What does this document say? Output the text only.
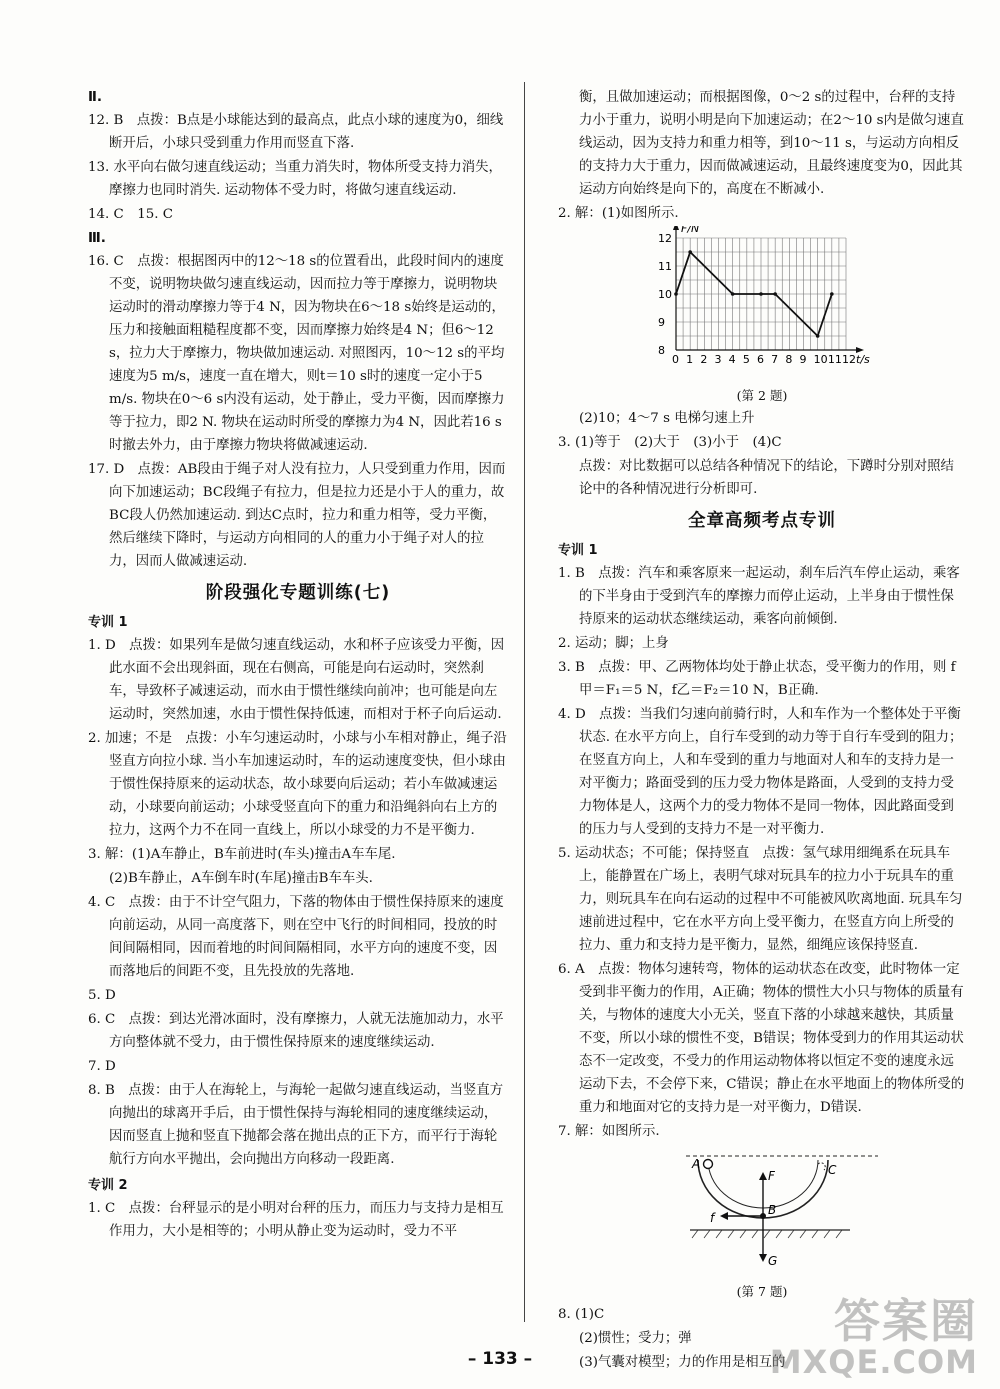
Ⅱ.

12. B　点拨：B点是小球能达到的最高点，此点小球的速度为0，细线断开后，小球只受到重力作用而竖直下落.

13. 水平向右做匀速直线运动；当重力消失时，物体所受支持力消失，摩擦力也同时消失. 运动物体不受力时，将做匀速直线运动.

14. C　15. C

Ⅲ.

16. C　点拨：根据图丙中的12～18 s的位置看出，此段时间内的速度不变，说明物块做匀速直线运动，因而拉力等于摩擦力，说明物块运动时的滑动摩擦力等于4 N，因为物块在6～18 s始终是运动的，压力和接触面粗糙程度都不变，因而摩擦力始终是4 N；但6～12 s，拉力大于摩擦力，物块做加速运动. 对照图丙，10～12 s的平均速度为5 m/s，速度一直在增大，则t＝10 s时的速度一定小于5 m/s. 物块在0～6 s内没有运动，处于静止，受力平衡，因而摩擦力等于拉力，即2 N. 物块在运动时所受的摩擦力为4 N，因此若16 s时撤去外力，由于摩擦力物块将做减速运动.

17. D　点拨：AB段由于绳子对人没有拉力，人只受到重力作用，因而向下加速运动；BC段绳子有拉力，但是拉力还是小于人的重力，故BC段人仍然加速运动. 到达C点时，拉力和重力相等，受力平衡，然后继续下降时，与运动方向相同的人的重力小于绳子对人的拉力，因而人做减速运动.

阶段强化专题训练(七)
专训 1

1. D　点拨：如果列车是做匀速直线运动，水和杯子应该受力平衡，因此水面不会出现斜面，现在右侧高，可能是向右运动时，突然刹车，导致杯子减速运动，而水由于惯性继续向前冲；也可能是向左运动时，突然加速，水由于惯性保持低速，而相对于杯子向后运动.

2. 加速；不是　点拨：小车匀速运动时，小球与小车相对静止，绳子沿竖直方向拉小球. 当小车加速运动时，车的运动速度变快，但小球由于惯性保持原来的运动状态，故小球要向后运动；若小车做减速运动，小球要向前运动；小球受竖直向下的重力和沿绳斜向右上方的拉力，这两个力不在同一直线上，所以小球受的力不是平衡力.

3. 解：(1)A车静止，B车前进时(车头)撞击A车车尾.

(2)B车静止，A车倒车时(车尾)撞击B车车头.

4. C　点拨：由于不计空气阻力，下落的物体由于惯性保持原来的速度向前运动，从同一高度落下，则在空中飞行的时间相同，投放的时间间隔相同，因而着地的时间间隔相同，水平方向的速度不变，因而落地后的间距不变，且先投放的先落地.

5. D

6. C　点拨：到达光滑冰面时，没有摩擦力，人就无法施加动力，水平方向整体就不受力，由于惯性保持原来的速度继续运动.

7. D

8. B　点拨：由于人在海轮上，与海轮一起做匀速直线运动，当竖直方向抛出的球离开手后，由于惯性保持与海轮相同的速度继续运动，因而竖直上抛和竖直下抛都会落在抛出点的正下方，而平行于海轮航行方向水平抛出，会向抛出方向移动一段距离.

专训 2

1. C　点拨：台秤显示的是小明对台秤的压力，而压力与支持力是相互作用力，大小是相等的；小明从静止变为运动时，受力不平

衡，且做加速运动；而根据图像，0～2 s的过程中，台秤的支持力小于重力，说明小明是向下加速运动；在2～10 s内是做匀速直线运动，因为支持力和重力相等，到10～11 s，与运动方向相反的支持力大于重力，因而做减速运动，且最终速度变为0，因此其运动方向始终是向下的，高度在不断减小.

2. 解：(1)如图所示.

0 1 2 3 4 5 6 7 8 9 10 11 12
8
9
10
11
12
t/s
F/N
(第 2 题)

(2)10；4～7 s 电梯匀速上升

3. (1)等于　(2)大于　(3)小于　(4)C

点拨：对比数据可以总结各种情况下的结论，下蹲时分别对照结论中的各种情况进行分析即可.

全章高频考点专训
专训 1

1. B　点拨：汽车和乘客原来一起运动，刹车后汽车停止运动，乘客的下半身由于受到汽车的摩擦力而停止运动，上半身由于惯性保持原来的运动状态继续运动，乘客向前倾倒.

2. 运动；脚；上身

3. B　点拨：甲、乙两物体均处于静止状态，受平衡力的作用，则 f甲＝F₁＝5 N，f乙＝F₂＝10 N，B正确.

4. D　点拨：当我们匀速向前骑行时，人和车作为一个整体处于平衡状态. 在水平方向上，自行车受到的动力等于自行车受到的阻力；在竖直方向上，人和车受到的重力与地面对人和车的支持力是一对平衡力；路面受到的压力受力物体是路面，人受到的支持力受力物体是人，这两个力的受力物体不是同一物体，因此路面受到的压力与人受到的支持力不是一对平衡力.

5. 运动状态；不可能；保持竖直　点拨：氢气球用细绳系在玩具车上，能静置在广场上，表明气球对玩具车的拉力小于玩具车的重力，则玩具车在向右运动的过程中不可能被风吹离地面. 玩具车匀速前进过程中，它在水平方向上受平衡力，在竖直方向上所受的拉力、重力和支持力是平衡力，显然，细绳应该保持竖直.

6. A　点拨：物体匀速转弯，物体的运动状态在改变，此时物体一定受到非平衡力的作用，A正确；物体的惯性大小只与物体的质量有关，与物体的速度大小无关，竖直下落的小球越来越快，其质量不变，所以小球的惯性不变，B错误；物体受到力的作用其运动状态不一定改变，不受力的作用运动物体将以恒定不变的速度永远运动下去，不会停下来，C错误；静止在水平地面上的物体所受的重力和地面对它的支持力是一对平衡力，D错误.

7. 解：如图所示.

A
F	C
B
f
G
(第 7 题)

8. (1)C

(2)惯性；受力；弹

(3)气囊对模型；力的作用是相互的

– 133 –
答案圈
MXQE.COM
